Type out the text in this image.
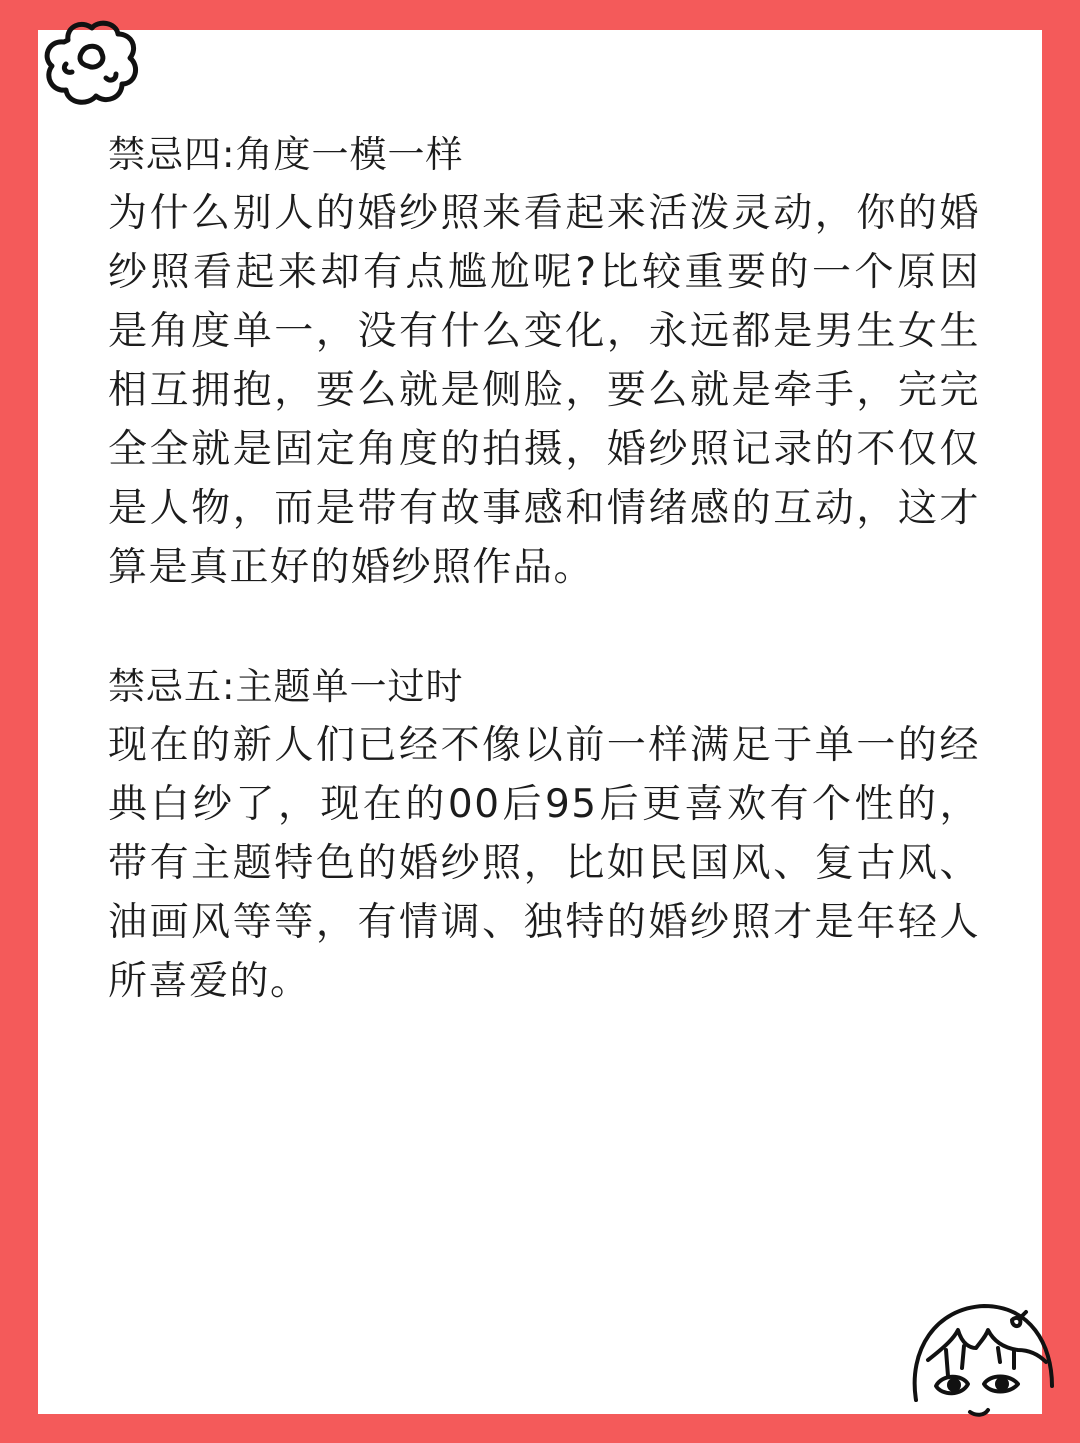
禁忌四:角度一模一样

为什么别人的婚纱照来看起来活泼灵动，你的婚纱照看起来却有点尴尬呢?比较重要的一个原因是角度单一，没有什么变化，永远都是男生女生相互拥抱，要么就是侧脸，要么就是牵手，完完全全就是固定角度的拍摄，婚纱照记录的不仅仅是人物，而是带有故事感和情绪感的互动，这才算是真正好的婚纱照作品。

禁忌五:主题单一过时

现在的新人们已经不像以前一样满足于单一的经典白纱了，现在的00后95后更喜欢有个性的，带有主题特色的婚纱照，比如民国风、复古风、油画风等等，有情调、独特的婚纱照才是年轻人所喜爱的。
